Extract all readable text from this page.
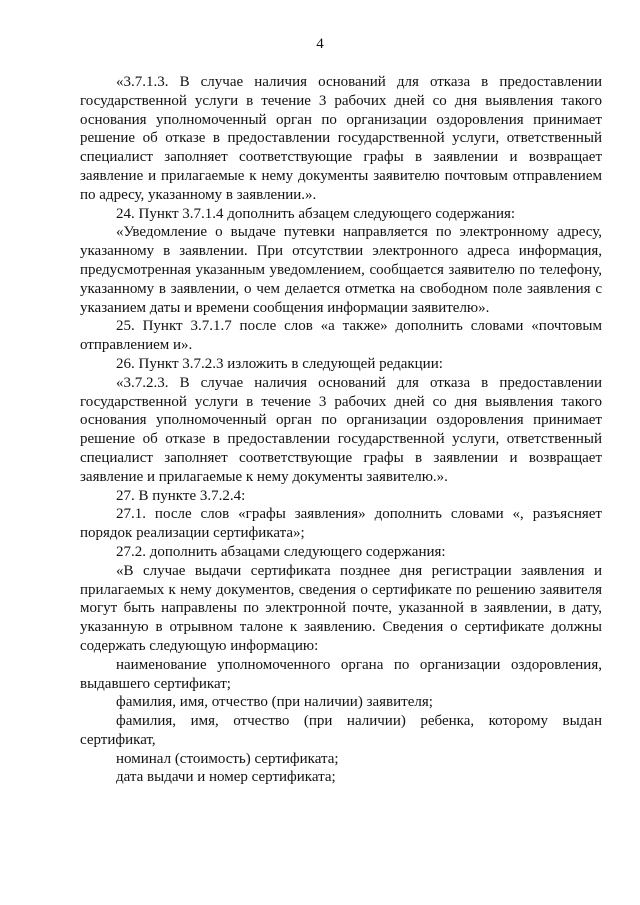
4

«3.7.1.3. В случае наличия оснований для отказа в предоставлении государственной услуги в течение 3 рабочих дней со дня выявления такого основания уполномоченный орган по организации оздоровления принимает решение об отказе в предоставлении государственной услуги, ответственный специалист заполняет соответствующие графы в заявлении и возвращает заявление и прилагаемые к нему документы заявителю почтовым отправлением по адресу, указанному в заявлении.».

24. Пункт 3.7.1.4 дополнить абзацем следующего содержания:

«Уведомление о выдаче путевки направляется по электронному адресу, указанному в заявлении. При отсутствии электронного адреса информация, предусмотренная указанным уведомлением, сообщается заявителю по телефону, указанному в заявлении, о чем делается отметка на свободном поле заявления с указанием даты и времени сообщения информации заявителю».

25. Пункт 3.7.1.7 после слов «а также» дополнить словами «почтовым отправлением и».

26. Пункт 3.7.2.3 изложить в следующей редакции:

«3.7.2.3. В случае наличия оснований для отказа в предоставлении государственной услуги в течение 3 рабочих дней со дня выявления такого основания уполномоченный орган по организации оздоровления принимает решение об отказе в предоставлении государственной услуги, ответственный специалист заполняет соответствующие графы в заявлении и возвращает заявление и прилагаемые к нему документы заявителю.».

27. В пункте 3.7.2.4:

27.1. после слов «графы заявления» дополнить словами «, разъясняет порядок реализации сертификата»;

27.2. дополнить абзацами следующего содержания:

«В случае выдачи сертификата позднее дня регистрации заявления и прилагаемых к нему документов, сведения о сертификате по решению заявителя могут быть направлены по электронной почте, указанной в заявлении, в дату, указанную в отрывном талоне к заявлению. Сведения о сертификате должны содержать следующую информацию:

наименование уполномоченного органа по организации оздоровления, выдавшего сертификат;

фамилия, имя, отчество (при наличии) заявителя;

фамилия, имя, отчество (при наличии) ребенка, которому выдан сертификат,

номинал (стоимость) сертификата;

дата выдачи и номер сертификата;
